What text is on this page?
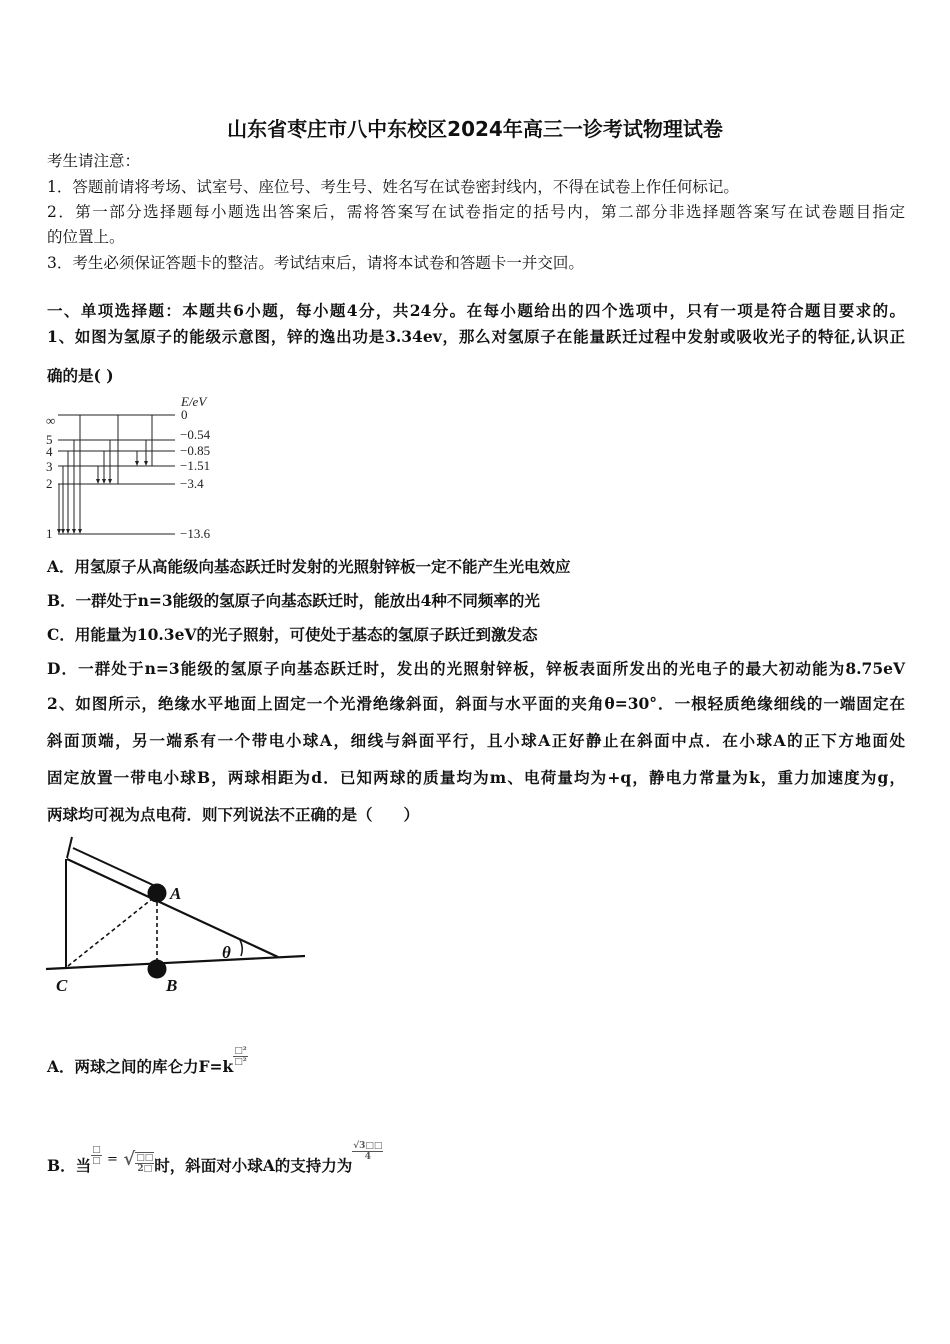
山东省枣庄市八中东校区2024年高三一诊考试物理试卷
考生请注意：
1．答题前请将考场、试室号、座位号、考生号、姓名写在试卷密封线内，不得在试卷上作任何标记。
2．第一部分选择题每小题选出答案后，需将答案写在试卷指定的括号内，第二部分非选择题答案写在试卷题目指定
的位置上。
3．考生必须保证答题卡的整洁。考试结束后，请将本试卷和答题卡一并交回。
一、单项选择题：本题共6小题，每小题4分，共24分。在每小题给出的四个选项中，只有一项是符合题目要求的。
1、如图为氢原子的能级示意图，锌的逸出功是3.34ev，那么对氢原子在能量跃迁过程中发射或吸收光子的特征,认识正
确的是( )
E/eV
∞
5
4
3
2
1
0
−0.54
−0.85
−1.51
−3.4
−13.6
A
B
C
θ
A．用氢原子从高能级向基态跃迁时发射的光照射锌板一定不能产生光电效应
B．一群处于n=3能级的氢原子向基态跃迁时，能放出4种不同频率的光
C．用能量为10.3eV的光子照射，可使处于基态的氢原子跃迁到激发态
D．一群处于n=3能级的氢原子向基态跃迁时，发出的光照射锌板，锌板表面所发出的光电子的最大初动能为8.75eV
2、如图所示，绝缘水平地面上固定一个光滑绝缘斜面，斜面与水平面的夹角θ=30°．一根轻质绝缘细线的一端固定在
斜面顶端，另一端系有一个带电小球A，细线与斜面平行，且小球A正好静止在斜面中点．在小球A的正下方地面处
固定放置一带电小球B，两球相距为d．已知两球的质量均为m、电荷量均为+q，静电力常量为k，重力加速度为g，
两球均可视为点电荷．则下列说法不正确的是（　　）
A．两球之间的库仑力$F=k \frac{\text{□²}}{\text{□²}}$
B．当 $\frac{□}{□} ^=$ √ $\frac{□□}{2□}$ 时，斜面对小球A的支持力为
$\frac{√3□□}{4}$
